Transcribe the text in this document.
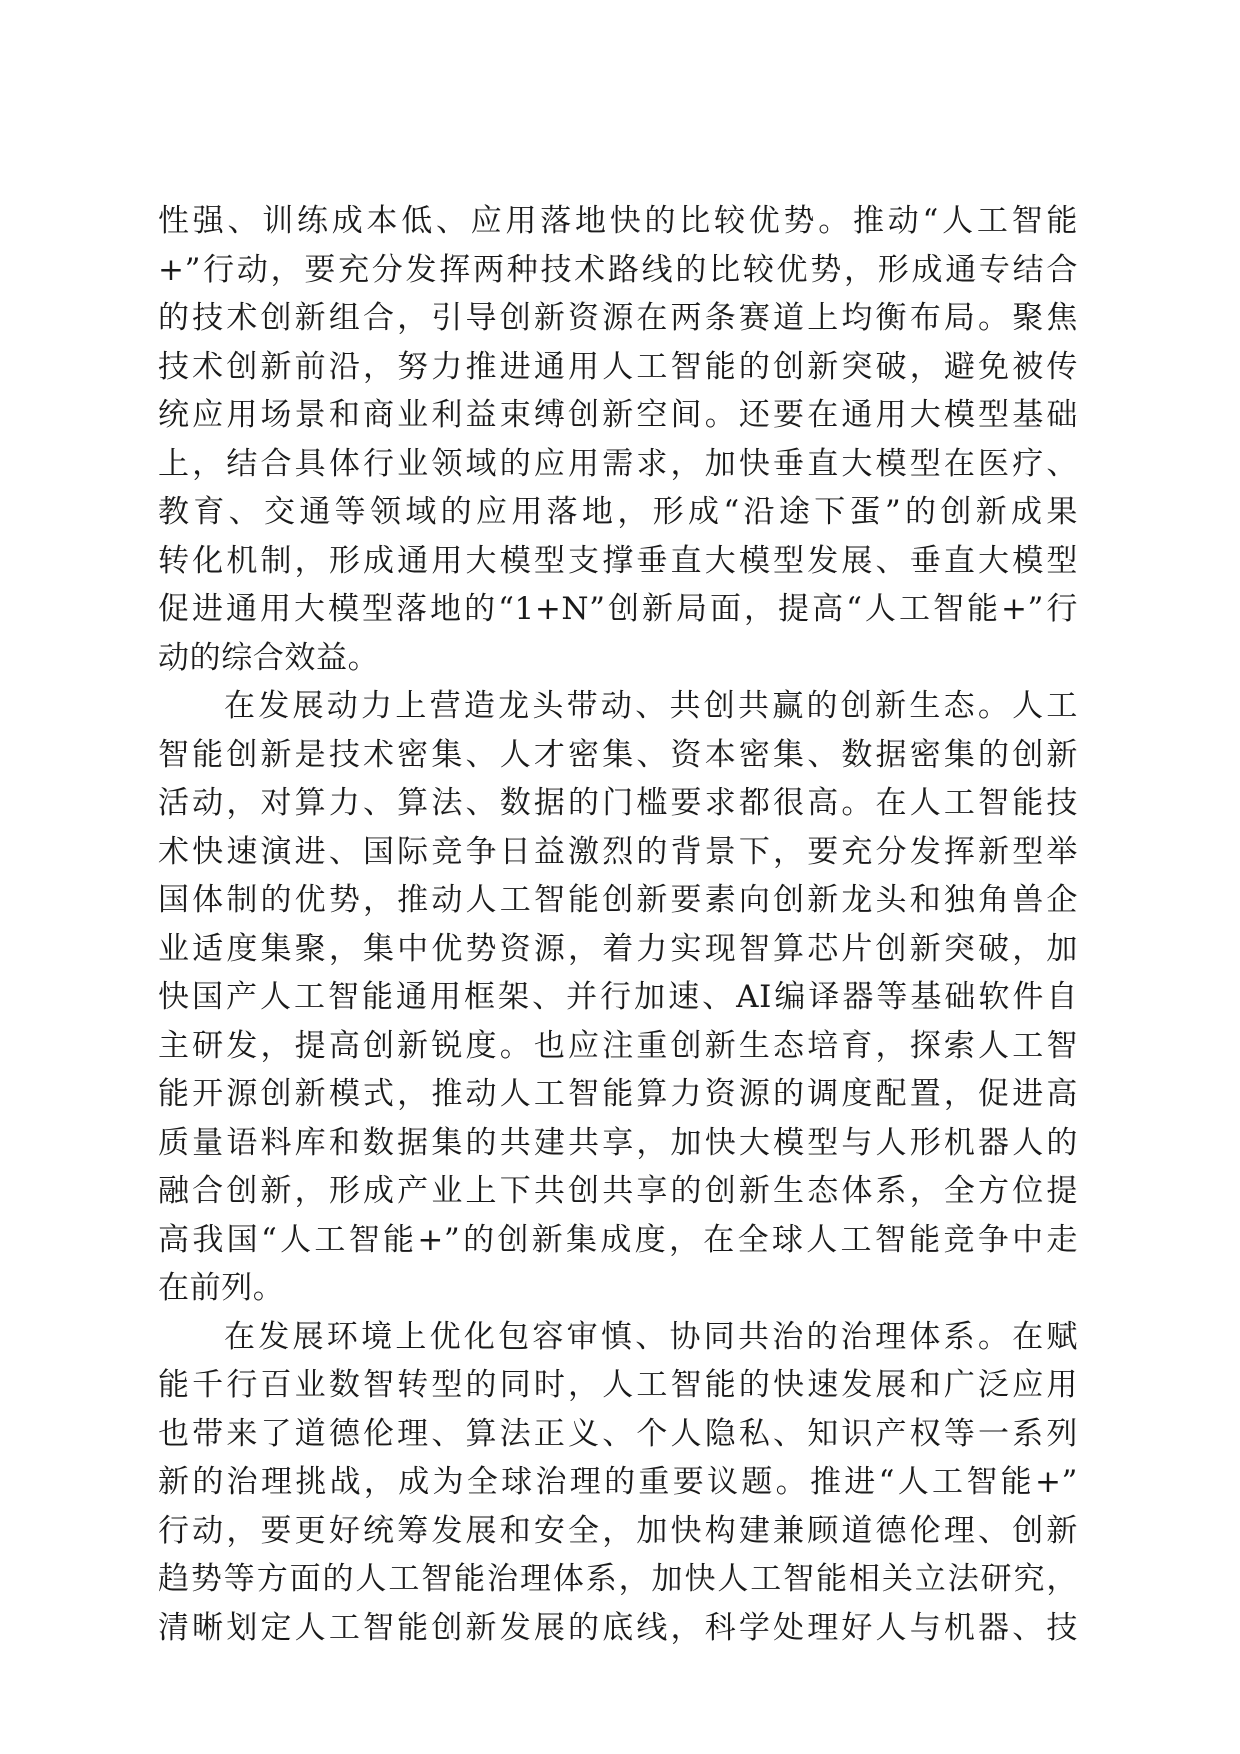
性强、训练成本低、应用落地快的比较优势。推动“人工智能
+”行动，要充分发挥两种技术路线的比较优势，形成通专结合
的技术创新组合，引导创新资源在两条赛道上均衡布局。聚焦
技术创新前沿，努力推进通用人工智能的创新突破，避免被传
统应用场景和商业利益束缚创新空间。还要在通用大模型基础
上，结合具体行业领域的应用需求，加快垂直大模型在医疗、
教育、交通等领域的应用落地，形成“沿途下蛋”的创新成果
转化机制，形成通用大模型支撑垂直大模型发展、垂直大模型
促进通用大模型落地的“1+N”创新局面，提高“人工智能+”行
动的综合效益。
在发展动力上营造龙头带动、共创共赢的创新生态。人工
智能创新是技术密集、人才密集、资本密集、数据密集的创新
活动，对算力、算法、数据的门槛要求都很高。在人工智能技
术快速演进、国际竞争日益激烈的背景下，要充分发挥新型举
国体制的优势，推动人工智能创新要素向创新龙头和独角兽企
业适度集聚，集中优势资源，着力实现智算芯片创新突破，加
快国产人工智能通用框架、并行加速、AI编译器等基础软件自
主研发，提高创新锐度。也应注重创新生态培育，探索人工智
能开源创新模式，推动人工智能算力资源的调度配置，促进高
质量语料库和数据集的共建共享，加快大模型与人形机器人的
融合创新，形成产业上下共创共享的创新生态体系，全方位提
高我国“人工智能+”的创新集成度，在全球人工智能竞争中走
在前列。
在发展环境上优化包容审慎、协同共治的治理体系。在赋
能千行百业数智转型的同时，人工智能的快速发展和广泛应用
也带来了道德伦理、算法正义、个人隐私、知识产权等一系列
新的治理挑战，成为全球治理的重要议题。推进“人工智能+”
行动，要更好统筹发展和安全，加快构建兼顾道德伦理、创新
趋势等方面的人工智能治理体系，加快人工智能相关立法研究，
清晰划定人工智能创新发展的底线，科学处理好人与机器、技
